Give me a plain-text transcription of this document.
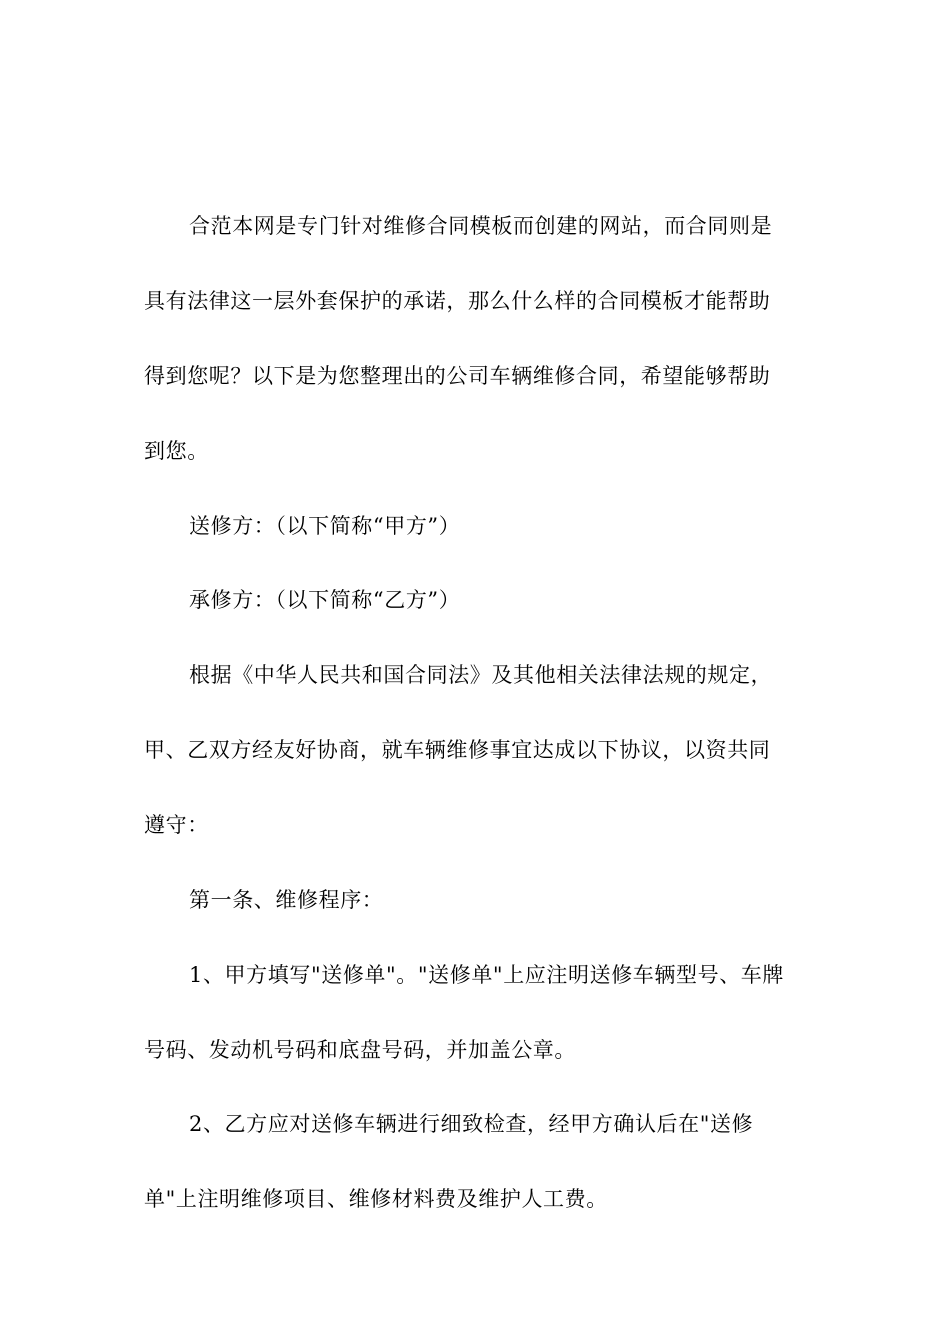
合范本网是专门针对维修合同模板而创建的网站，而合同则是
具有法律这一层外套保护的承诺，那么什么样的合同模板才能帮助
得到您呢？以下是为您整理出的公司车辆维修合同，希望能够帮助
到您。
送修方：（以下简称“甲方”）
承修方：（以下简称“乙方”）
根据《中华人民共和国合同法》及其他相关法律法规的规定，
甲、乙双方经友好协商，就车辆维修事宜达成以下协议，以资共同
遵守：
第一条、维修程序：
1、甲方填写"送修单"。"送修单"上应注明送修车辆型号、车牌
号码、发动机号码和底盘号码，并加盖公章。
2、乙方应对送修车辆进行细致检查，经甲方确认后在"送修
单"上注明维修项目、维修材料费及维护人工费。
